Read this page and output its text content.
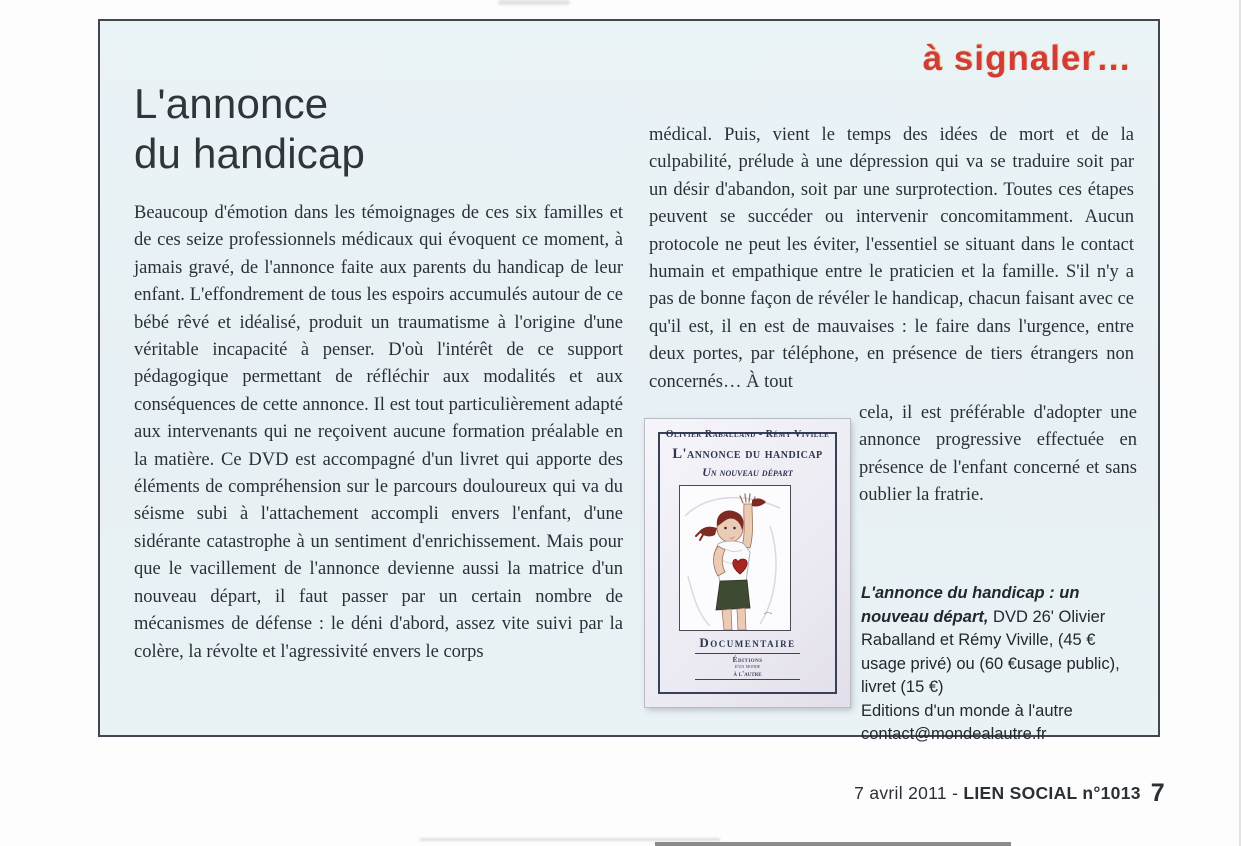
à signaler…
L'annonce
du handicap
Beaucoup d'émotion dans les témoignages de ces six familles et de ces seize professionnels médicaux qui évoquent ce moment, à jamais gravé, de l'annonce faite aux parents du handicap de leur enfant. L'effondrement de tous les espoirs accumulés autour de ce bébé rêvé et idéalisé, produit un traumatisme à l'origine d'une véritable incapacité à penser. D'où l'intérêt de ce support pédagogique permettant de réfléchir aux modalités et aux conséquences de cette annonce. Il est tout particulièrement adapté aux intervenants qui ne reçoivent aucune formation préalable en la matière. Ce DVD est accompagné d'un livret qui apporte des éléments de compréhension sur le parcours douloureux qui va du séisme subi à l'attachement accompli envers l'enfant, d'une sidérante catastrophe à un sentiment d'enrichissement. Mais pour que le vacillement de l'annonce devienne aussi la matrice d'un nouveau départ, il faut passer par un certain nombre de mécanismes de défense : le déni d'abord, assez vite suivi par la colère, la révolte et l'agressivité envers le corps
médical. Puis, vient le temps des idées de mort et de la culpabilité, prélude à une dépression qui va se traduire soit par un désir d'abandon, soit par une surprotection. Toutes ces étapes peuvent se succéder ou intervenir concomitamment. Aucun protocole ne peut les éviter, l'essentiel se situant dans le contact humain et empathique entre le praticien et la famille. S'il n'y a pas de bonne façon de révéler le handicap, chacun faisant avec ce qu'il est, il en est de mauvaises : le faire dans l'urgence, entre deux portes, par téléphone, en présence de tiers étrangers non concernés… À tout
Olivier Raballand - Rémy Viville
L'annonce du handicap
Un nouveau départ
Documentaire
Éditions
d'un monde
à l'autre
cela, il est préférable d'adopter une annonce progressive effectuée en présence de l'enfant concerné et sans oublier la fratrie.
L'annonce du handicap : un nouveau départ, DVD 26' Olivier Raballand et Rémy Viville, (45 € usage privé) ou (60 €usage public), livret (15 €)
Editions d'un monde à l'autre
contact@mondealautre.fr
7 avril 2011 - LIEN SOCIAL n°1013 7
